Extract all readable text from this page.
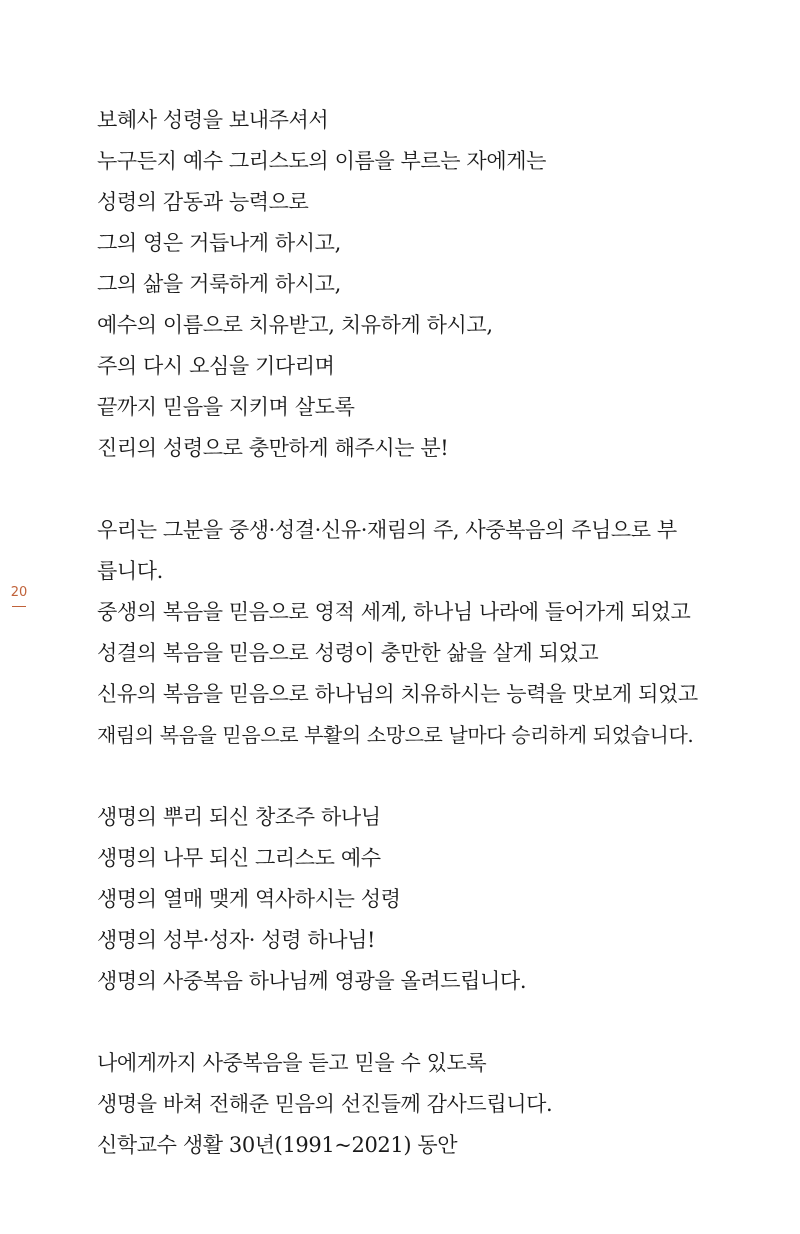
20
보혜사 성령을 보내주셔서
누구든지 예수 그리스도의 이름을 부르는 자에게는
성령의 감동과 능력으로
그의 영은 거듭나게 하시고,
그의 삶을 거룩하게 하시고,
예수의 이름으로 치유받고, 치유하게 하시고,
주의 다시 오심을 기다리며
끝까지 믿음을 지키며 살도록
진리의 성령으로 충만하게 해주시는 분!
우리는 그분을 중생·성결·신유·재림의 주, 사중복음의 주님으로 부
릅니다.
중생의 복음을 믿음으로 영적 세계, 하나님 나라에 들어가게 되었고
성결의 복음을 믿음으로 성령이 충만한 삶을 살게 되었고
신유의 복음을 믿음으로 하나님의 치유하시는 능력을 맛보게 되었고
재림의 복음을 믿음으로 부활의 소망으로 날마다 승리하게 되었습니다.
생명의 뿌리 되신 창조주 하나님
생명의 나무 되신 그리스도 예수
생명의 열매 맺게 역사하시는 성령
생명의 성부·성자· 성령 하나님!
생명의 사중복음 하나님께 영광을 올려드립니다.
나에게까지 사중복음을 듣고 믿을 수 있도록
생명을 바쳐 전해준 믿음의 선진들께 감사드립니다.
신학교수 생활 30년(1991~2021) 동안
